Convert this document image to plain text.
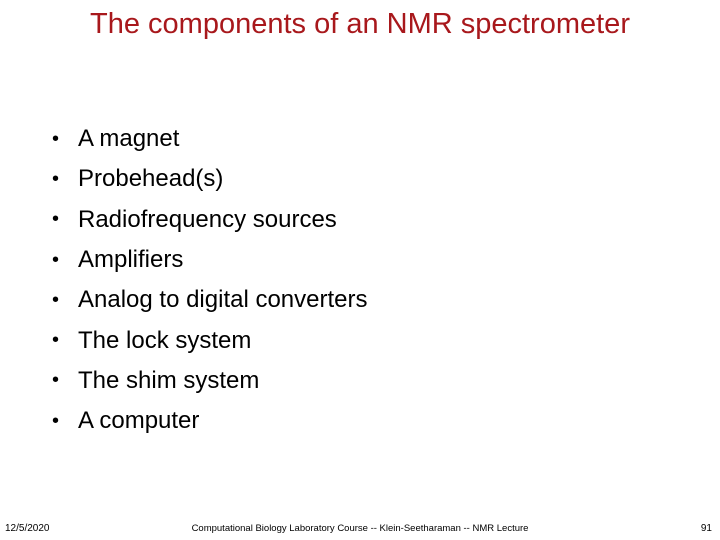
The components of an NMR spectrometer
• A magnet
• Probehead(s)
• Radiofrequency sources
• Amplifiers
• Analog to digital converters
• The lock system
• The shim system
• A computer
12/5/2020	Computational Biology Laboratory Course -- Klein-Seetharaman -- NMR Lecture	91
